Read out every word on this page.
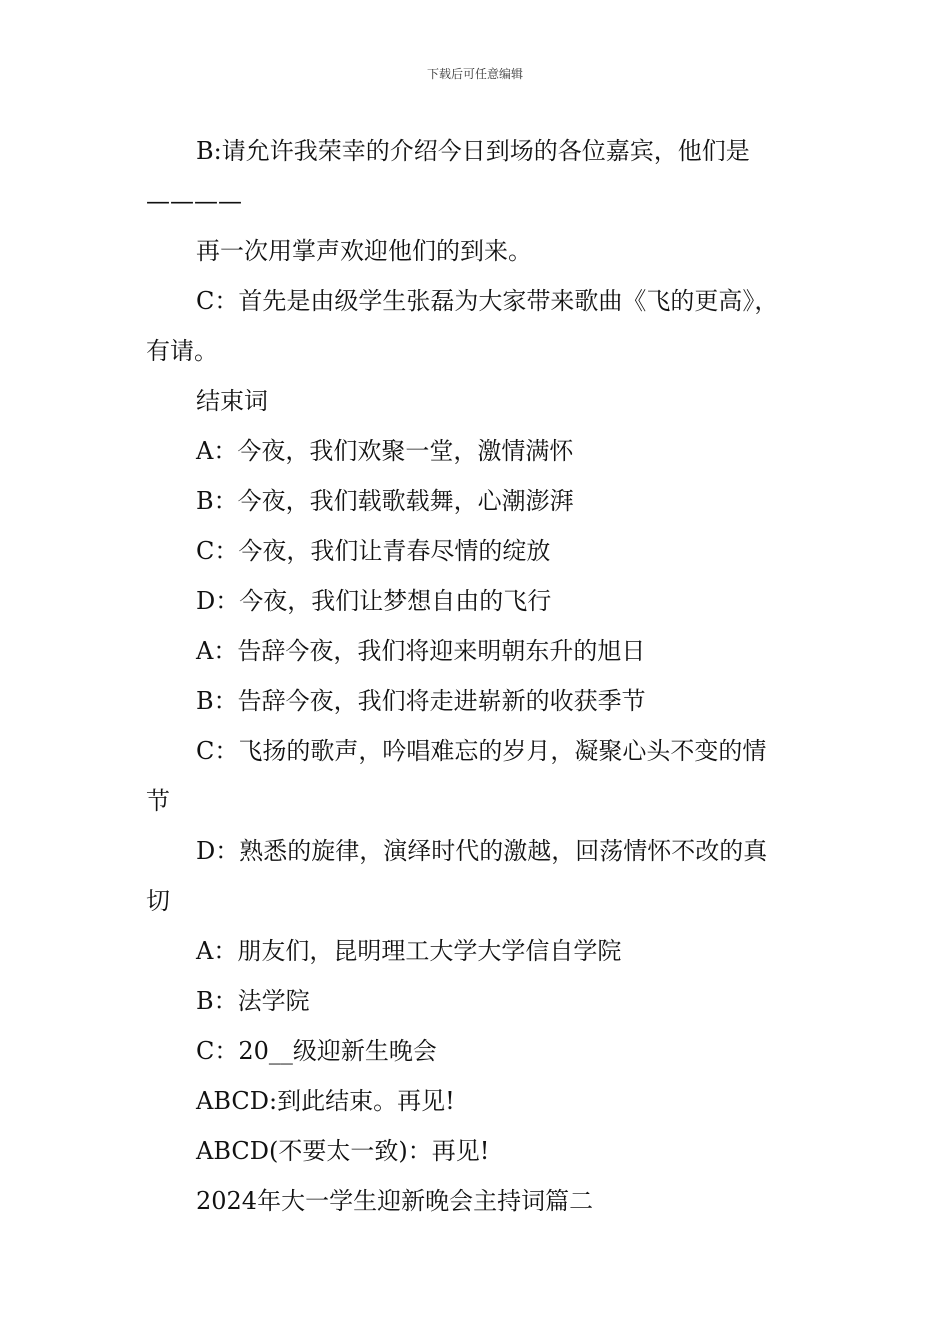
下载后可任意编辑

B:请允许我荣幸的介绍今日到场的各位嘉宾，他们是

————

再一次用掌声欢迎他们的到来。

C：首先是由级学生张磊为大家带来歌曲《飞的更高》，

有请。

结束词

A：今夜，我们欢聚一堂，激情满怀

B：今夜，我们载歌载舞，心潮澎湃

C：今夜，我们让青春尽情的绽放

D：今夜，我们让梦想自由的飞行

A：告辞今夜，我们将迎来明朝东升的旭日

B：告辞今夜，我们将走进崭新的收获季节

C：飞扬的歌声，吟唱难忘的岁月，凝聚心头不变的情

节

D：熟悉的旋律，演绎时代的激越，回荡情怀不改的真

切

A：朋友们，昆明理工大学大学信自学院

B：法学院

C：20__级迎新生晚会

ABCD:到此结束。再见!

ABCD(不要太一致)：再见!

2024年大一学生迎新晚会主持词篇二
